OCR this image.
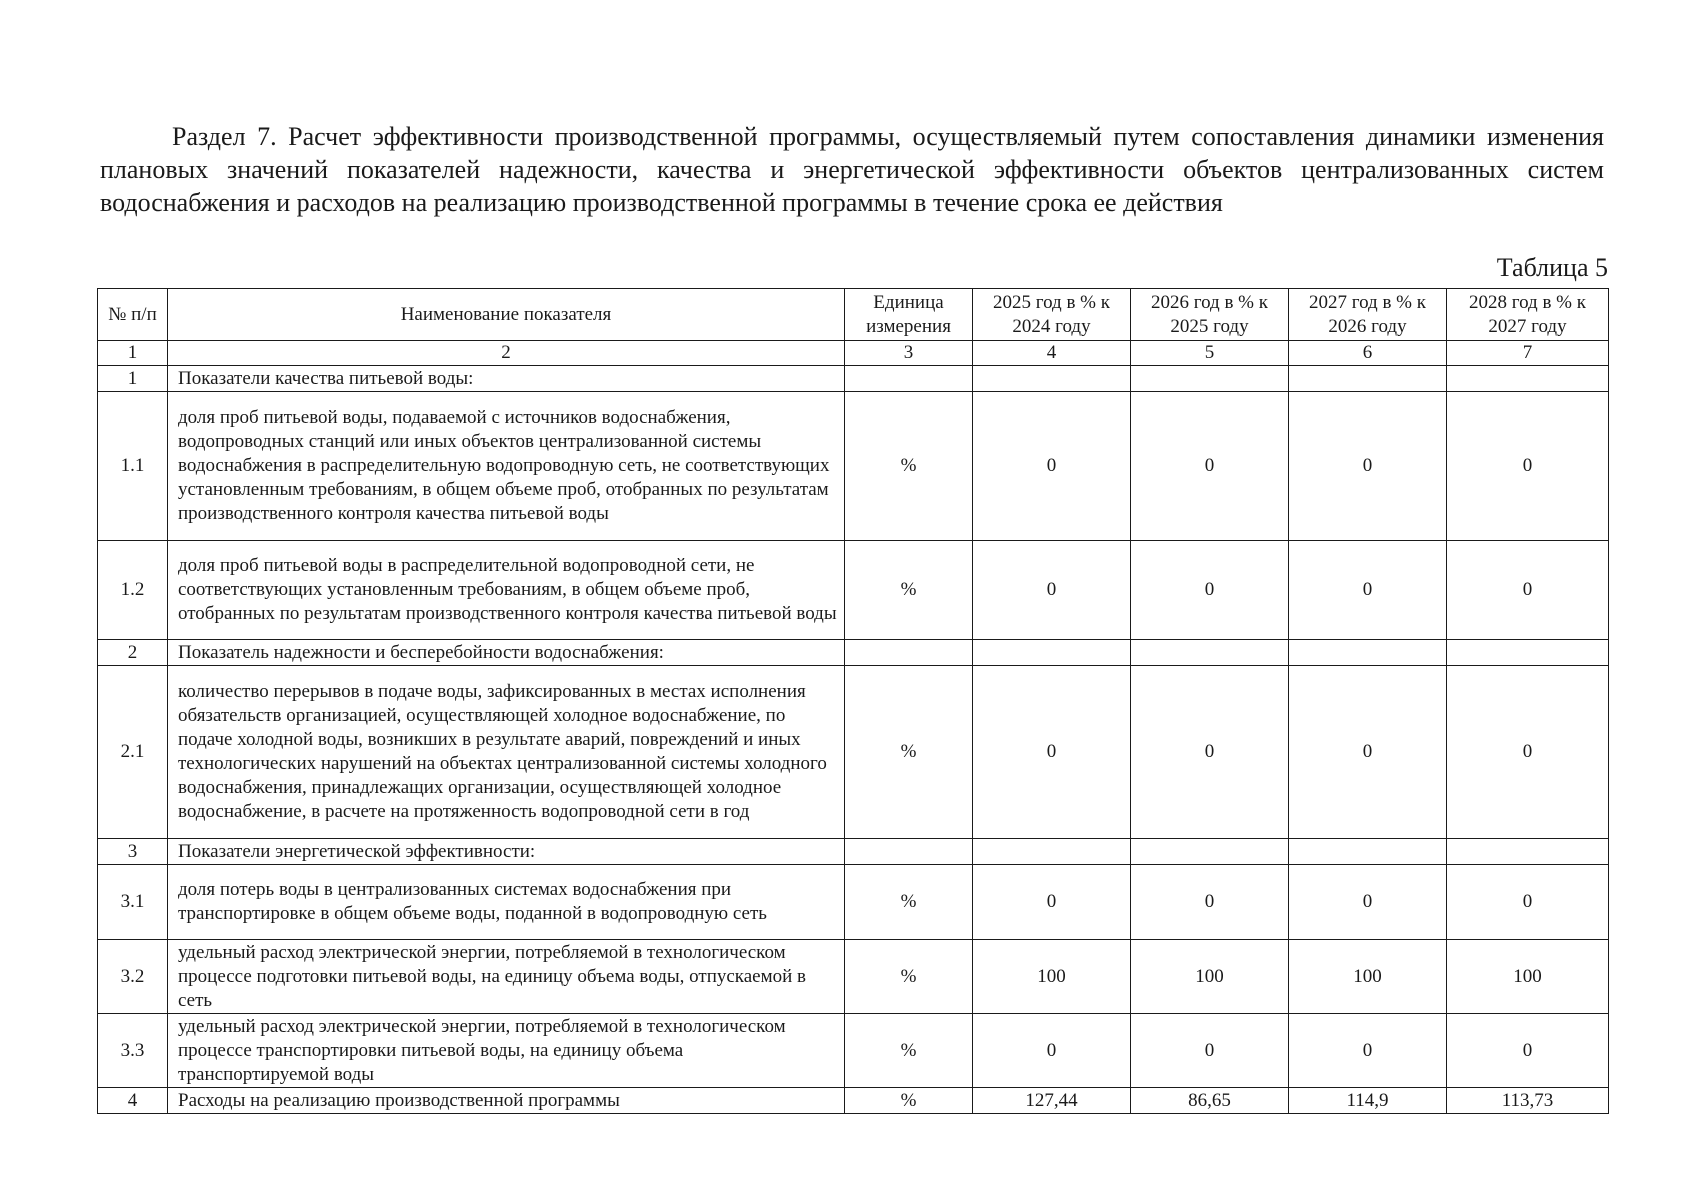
Раздел 7. Расчет эффективности производственной программы, осуществляемый путем сопоставления динамики изменения плановых значений показателей надежности, качества и энергетической эффективности объектов централизованных систем водоснабжения и расходов на реализацию производственной программы в течение срока ее действия
Таблица 5
№ п/п	Наименование показателя	Единица измерения	2025 год в % к 2024 году	2026 год в % к 2025 году	2027 год в % к 2026 году	2028 год в % к 2027 году
1	2	3	4	5	6	7
1	Показатели качества питьевой воды:					
1.1	доля проб питьевой воды, подаваемой с источников водоснабжения, водопроводных станций или иных объектов централизованной системы водоснабжения в распределительную водопроводную сеть, не соответствующих установленным требованиям, в общем объеме проб, отобранных по результатам производственного контроля качества питьевой воды	%	0	0	0	0
1.2	доля проб питьевой воды в распределительной водопроводной сети, не соответствующих установленным требованиям, в общем объеме проб, отобранных по результатам производственного контроля качества питьевой воды	%	0	0	0	0
2	Показатель надежности и бесперебойности водоснабжения:					
2.1	количество перерывов в подаче воды, зафиксированных в местах исполнения обязательств организацией, осуществляющей холодное водоснабжение, по подаче холодной воды, возникших в результате аварий, повреждений и иных технологических нарушений на объектах централизованной системы холодного водоснабжения, принадлежащих организации, осуществляющей холодное водоснабжение, в расчете на протяженность водопроводной сети в год	%	0	0	0	0
3	Показатели энергетической эффективности:					
3.1	доля потерь воды в централизованных системах водоснабжения при транспортировке в общем объеме воды, поданной в водопроводную сеть	%	0	0	0	0
3.2	удельный расход электрической энергии, потребляемой в технологическом процессе подготовки питьевой воды, на единицу объема воды, отпускаемой в сеть	%	100	100	100	100
3.3	удельный расход электрической энергии, потребляемой в технологическом процессе транспортировки питьевой воды, на единицу объема транспортируемой воды	%	0	0	0	0
4	Расходы на реализацию производственной программы	%	127,44	86,65	114,9	113,73
